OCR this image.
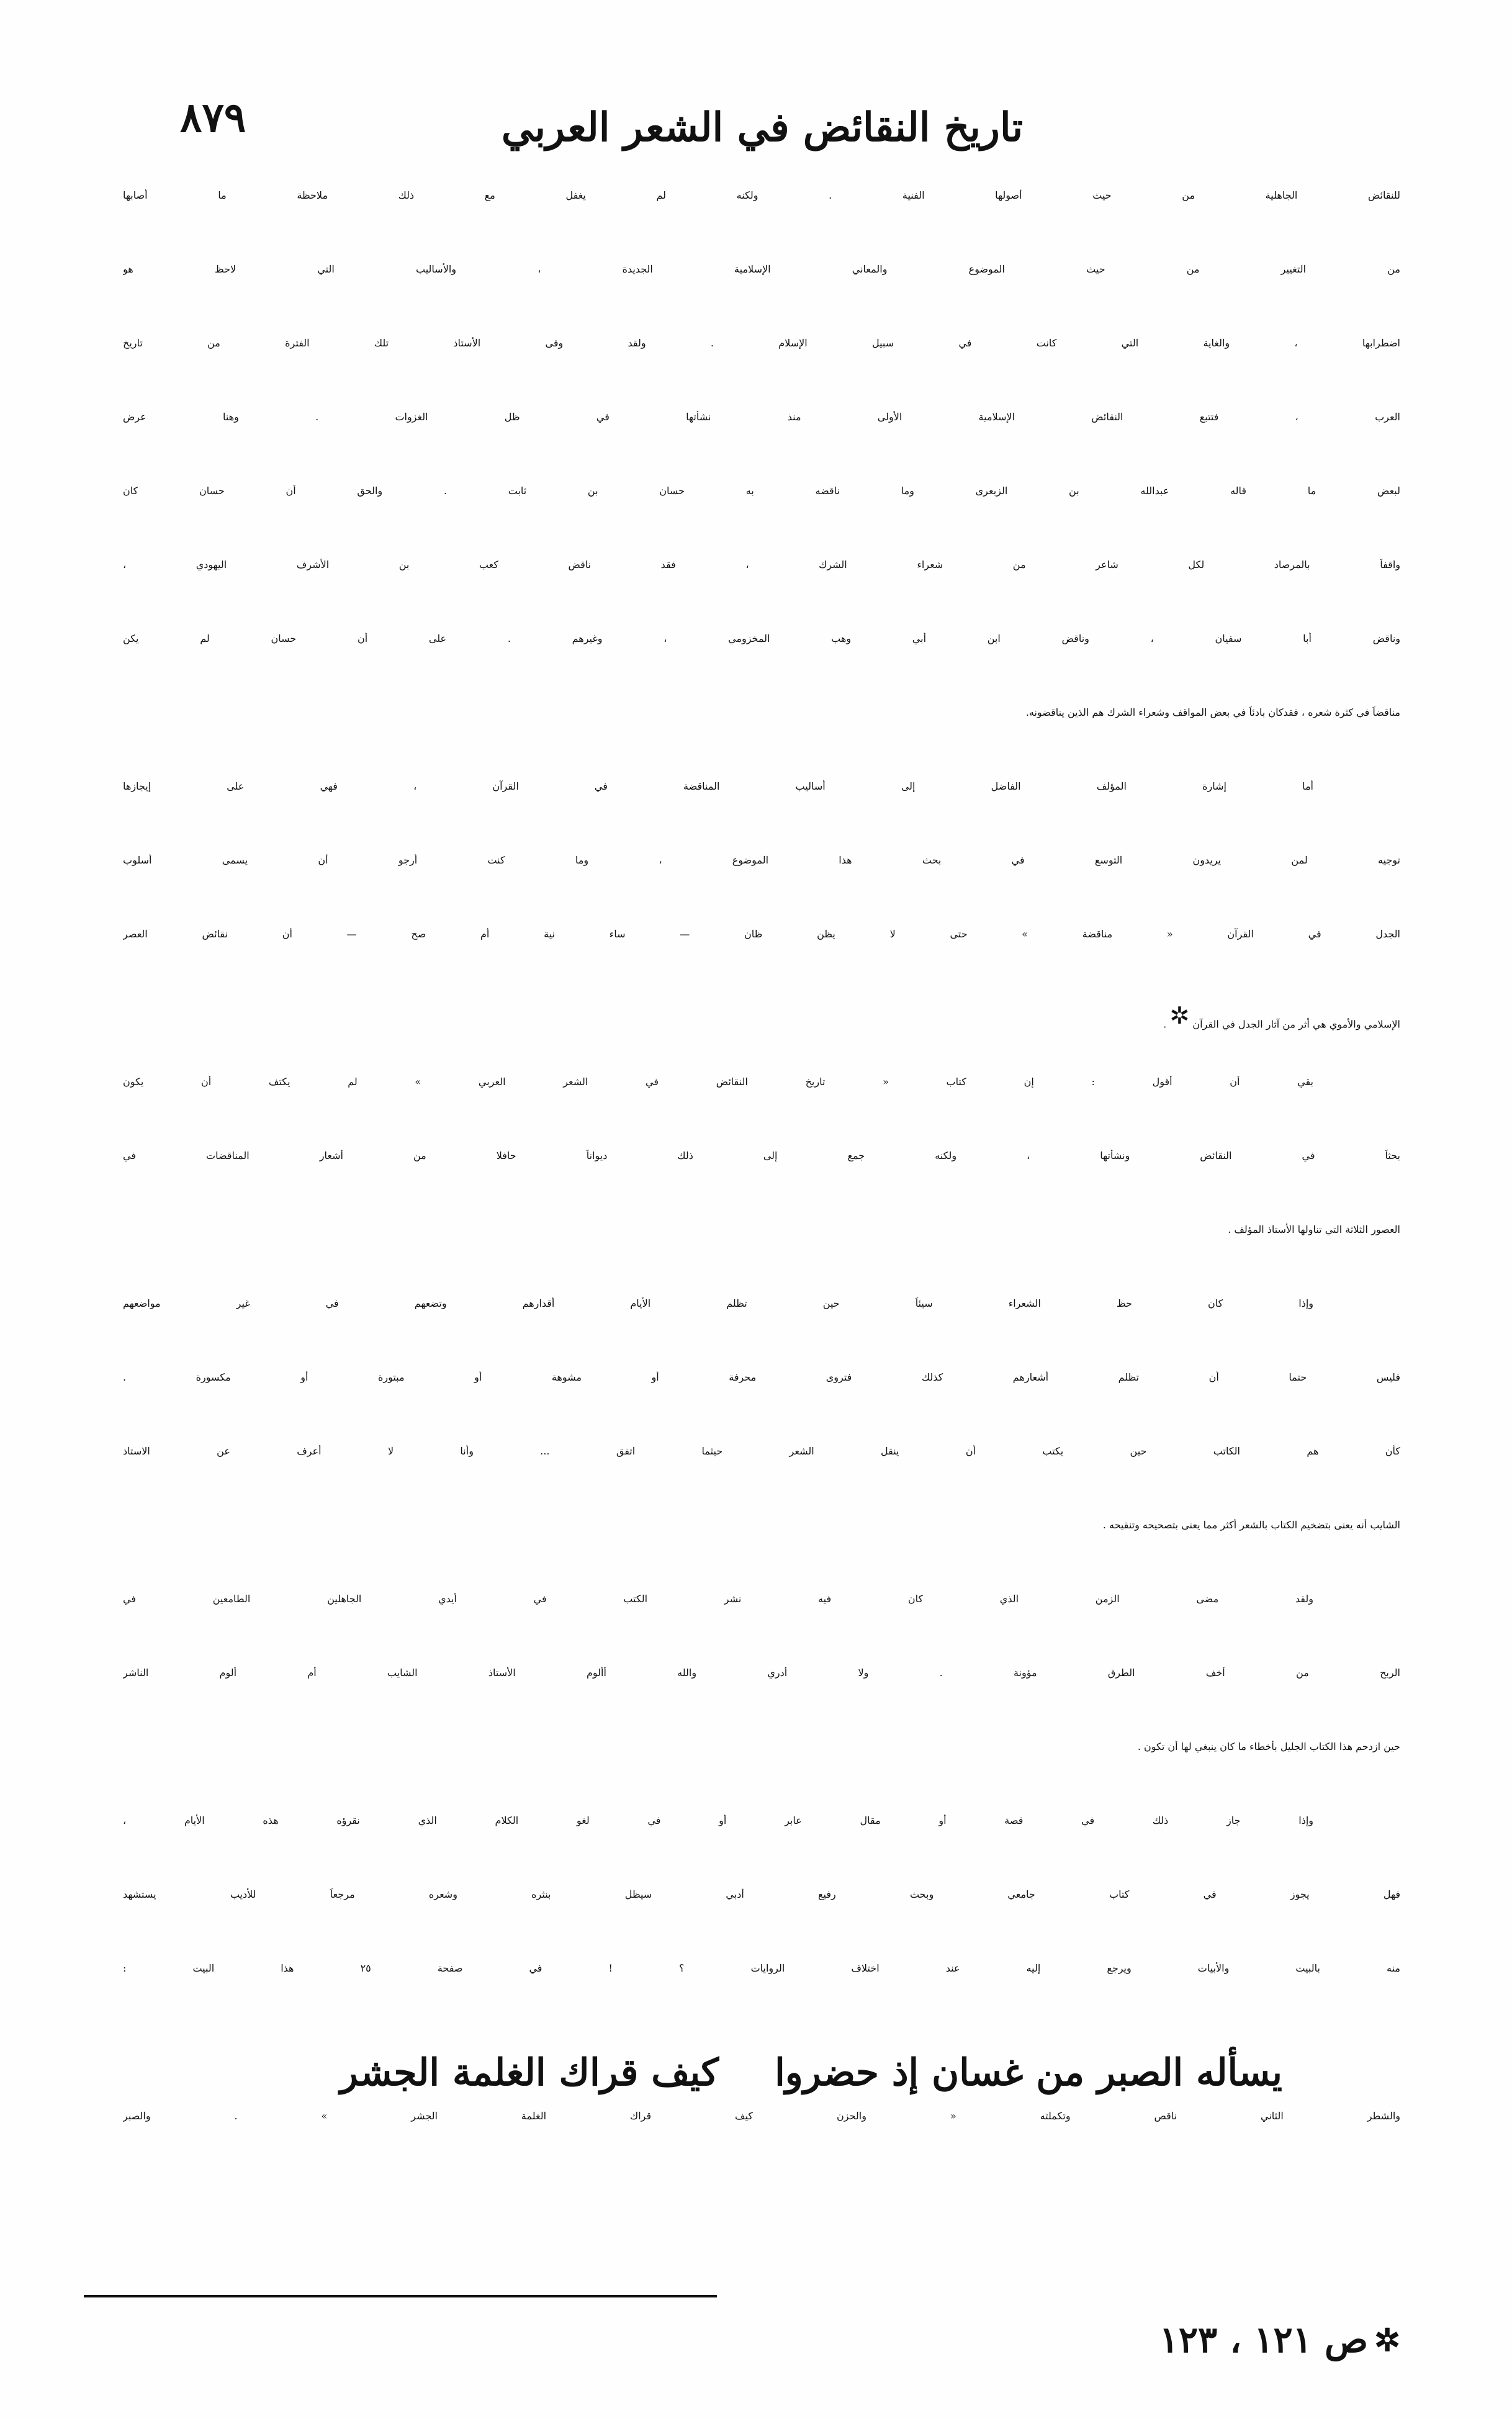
تاريخ النقائض في الشعر العربي
٨٧٩
للنقائض الجاهلية من حيث أصولها الفنية . ولكنه لم يغفل مع ذلك ملاحظة ما أصابها
من التغيير من حيث الموضوع والمعاني الإسلامية الجديدة ، والأساليب التي لاحظ هو
اضطرابها ، والغاية التي كانت في سبيل الإسلام . ولقد وفى الأستاذ تلك الفترة من تاريخ
العرب ، فتتبع النقائض الإسلامية الأولى منذ نشأتها في ظل الغزوات . وهنا عرض
لبعض ما قاله عبدالله بن الزبعرى وما ناقضه به حسان بن ثابت . والحق أن حسان كان
واقفاً بالمرصاد لكل شاعر من شعراء الشرك ، فقد ناقض كعب بن الأشرف اليهودي ،
وناقض أبا سفيان ، وناقض ابن أبي وهب المخزومي ، وغيرهم . على أن حسان لم يكن
مناقضاً في كثرة شعره ، فقدكان بادئاً في بعض المواقف وشعراء الشرك هم الذين يناقضونه.
أما إشارة المؤلف الفاضل إلى أساليب المناقضة في القرآن ، فهي على إيجازها
توجيه لمن يريدون التوسع في بحث هذا الموضوع ، وما كنت أرجو أن يسمى أسلوب
الجدل في القرآن « مناقضة » حتى لا يظن ظان — ساء نية أم صح — أن نقائض العصر
الإسلامي والأموي هي أثر من آثار الجدل في القرآن ✲ .
بقي أن أقول : إن كتاب « تاريخ النقائض في الشعر العربي » لم يكتف أن يكون
بحثاً في النقائض ونشأتها ، ولكنه جمع إلى ذلك ديواناً حافلا من أشعار المناقضات في
العصور الثلاثة التي تناولها الأستاذ المؤلف .
وإذا كان حظ الشعراء سيئاً حين تظلم الأيام أقدارهم وتضعهم في غير مواضعهم
فليس حتما أن تظلم أشعارهم كذلك فتروى محرفة أو مشوهة أو مبتورة أو مكسورة .
كأن هم الكاتب حين يكتب أن ينقل الشعر حيثما اتفق ... وأنا لا أعرف عن الاستاذ
الشايب أنه يعنى بتضخيم الكتاب بالشعر أكثر مما يعنى بتصحيحه وتنقيحه .
ولقد مضى الزمن الذي كان فيه نشر الكتب في أيدي الجاهلين الطامعين في
الربح من أخف الطرق مؤونة . ولا أدري والله أألوم الأستاذ الشايب أم ألوم الناشر
حين ازدحم هذا الكتاب الجليل بأخطاء ما كان ينبغي لها أن تكون .
وإذا جاز ذلك في قصة أو مقال عابر أو في لغو الكلام الذي نقرؤه هذه الأيام ،
فهل يجوز في كتاب جامعي وبحث رفيع أدبي سيظل بنثره وشعره مرجعاً للأديب يستشهد
منه بالبيت والأبيات ويرجع إليه عند اختلاف الروايات ؟ ! في صفحة ٢٥ هذا البيت :
يسأله الصبر من غسان إذ حضروا
كيف قراك الغلمة الجشر
والشطر الثاني ناقص وتكملته « والحزن كيف قراك الغلمة الجشر » . والصبر
✲
ص ١٢١ ، ١٢٣
